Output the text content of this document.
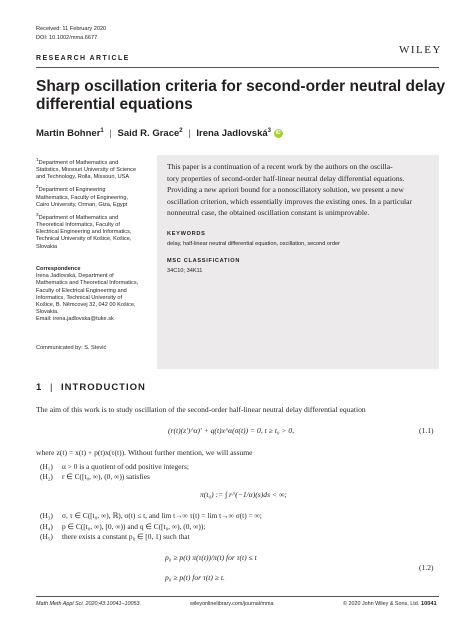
Received: 11 February 2020
DOI: 10.1002/mma.6677
RESEARCH ARTICLE
WILEY
Sharp oscillation criteria for second-order neutral delay
differential equations
Martin Bohner$^1$ | Said R. Grace$^2$ | Irena Jadlovská$^3$ iD
$^1$Department of Mathematics and
Statistics, Missouri University of Science
and Technology, Rolla, Missouri, USA
$^2$Department of Engineering
Mathematics, Faculty of Engineering,
Cairo University, Orman, Giza, Egypt
$^3$Department of Mathematics and
Theoretical Informatics, Faculty of
Electrical Engineering and Informatics,
Technical University of Košice, Košice,
Slovakia
Correspondence
Irena Jadlovská, Department of
Mathematics and Theoretical Informatics,
Faculty of Electrical Engineering and
Informatics, Technical University of
Košice, B. Němcovej 32, 042 00 Košice,
Slovakia.
Email: irena.jadlovska@tuke.sk
Communicated by: S. Stević
This paper is a continuation of a recent work by the authors on the oscilla-
tory properties of second-order half-linear neutral delay differential equations.
Providing a new apriori bound for a nonoscillatory solution, we present a new
oscillation criterion, which essentially improves the existing ones. In a particular
nonneutral case, the obtained oscillation constant is unimprovable.
KEYWORDS
delay, half-linear neutral differential equation, oscillation, second order
MSC CLASSIFICATION
34C10; 34K11
1 | INTRODUCTION
The aim of this work is to study oscillation of the second-order half-linear neutral delay differential equation
(r(t)(z′)^α)′ + q(t)x^α(σ(t)) = 0, t ≥ t₀ > 0,	(1.1)
where z(t) = x(t) + p(t)x(τ(t)). Without further mention, we will assume
(H₁) α > 0 is a quotient of odd positive integers;
(H₂) r ∈ C([t₀, ∞), (0, ∞)) satisfies
π(t₀) := ∫ r^(−1/α)(s)ds < ∞;
(H₃) σ, τ ∈ C([t₀, ∞), ℝ), σ(t) ≤ t, and lim t→∞ τ(t) = lim t→∞ σ(t) = ∞;
(H₄) p ∈ C([t₀, ∞), [0, ∞)) and q ∈ C([t₀, ∞), (0, ∞));
(H₅) there exists a constant p₀ ∈ [0, 1) such that
p₀ ≥ p(t) π(τ(t))/π(t) for τ(t) ≤ t
p₀ ≥ p(t) for τ(t) ≥ t.
(1.2)
Math Meth Appl Sci. 2020;43:10041–10053.	wileyonlinelibrary.com/journal/mma	© 2020 John Wiley & Sons, Ltd. 10041
